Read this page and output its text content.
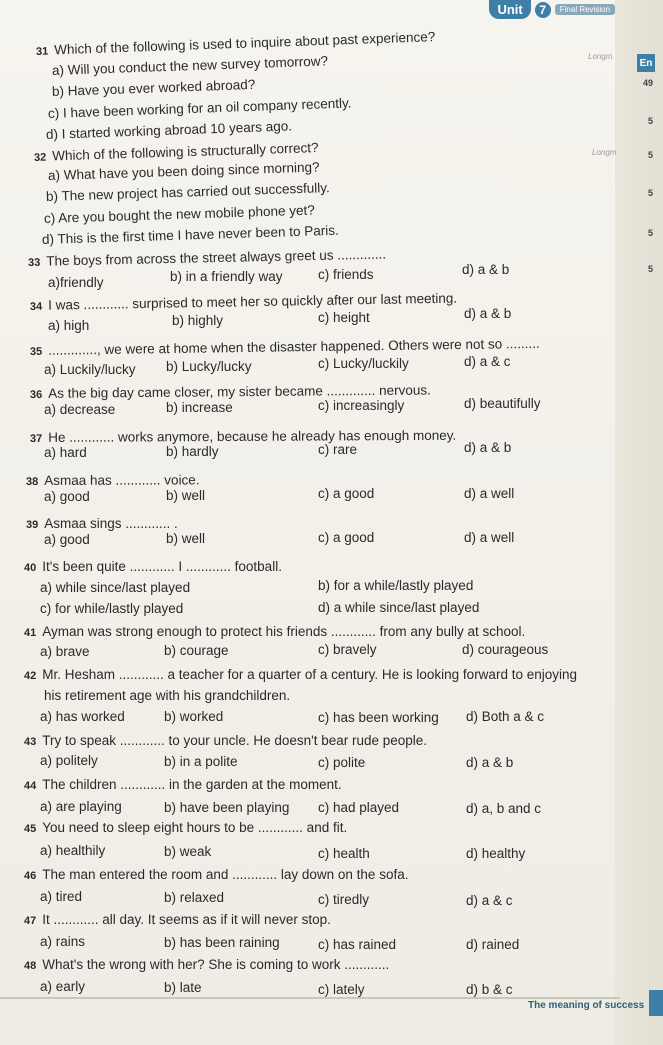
En
49
5
5
5
5
5
Unit	7	Final Revision
Longm
Longm
31 Which of the following is used to inquire about past experience?
a) Will you conduct the new survey tomorrow?
b) Have you ever worked abroad?
c) I have been working for an oil company recently.
d) I started working abroad 10 years ago.
32 Which of the following is structurally correct?
a) What have you been doing since morning?
b) The new project has carried out successfully.
c) Are you bought the new mobile phone yet?
d) This is the first time I have never been to Paris.
33 The boys from across the street always greet us .............
a)friendly	b) in a friendly way	c) friends	d) a & b
34 I was ............ surprised to meet her so quickly after our last meeting.
a) high	b) highly	c) height	d) a & b
35 ............., we were at home when the disaster happened. Others were not so .........
a) Luckily/lucky b) Lucky/lucky	c) Lucky/luckily	d) a & c
36 As the big day came closer, my sister became ............. nervous.
a) decrease	b) increase	c) increasingly	d) beautifully
37 He ............ works anymore, because he already has enough money.
a) hard	b) hardly	c) rare	d) a & b
38 Asmaa has ............ voice.
a) good	b) well	c) a good	d) a well
39 Asmaa sings ............ .
a) good	b) well	c) a good	d) a well
40 It's been quite ............ I ............ football.
a) while since/last played	b) for a while/lastly played
c) for while/lastly played	d) a while since/last played
41 Ayman was strong enough to protect his friends ............ from any bully at school.
a) brave	b) courage	c) bravely	d) courageous
42 Mr. Hesham ............ a teacher for a quarter of a century. He is looking forward to enjoying
his retirement age with his grandchildren.
a) has worked	b) worked	c) has been working d) Both a & c
43 Try to speak ............ to your uncle. He doesn't bear rude people.
a) politely	b) in a polite	c) polite	d) a & b
44 The children ............ in the garden at the moment.
a) are playing	b) have been playing c) had played	d) a, b and c
45 You need to sleep eight hours to be ............ and fit.
a) healthily	b) weak	c) health	d) healthy
46 The man entered the room and ............ lay down on the sofa.
a) tired	b) relaxed	c) tiredly	d) a & c
47 It ............ all day. It seems as if it will never stop.
a) rains	b) has been raining	c) has rained	d) rained
48 What's the wrong with her? She is coming to work ............
a) early	b) late	c) lately	d) b & c
The meaning of success
